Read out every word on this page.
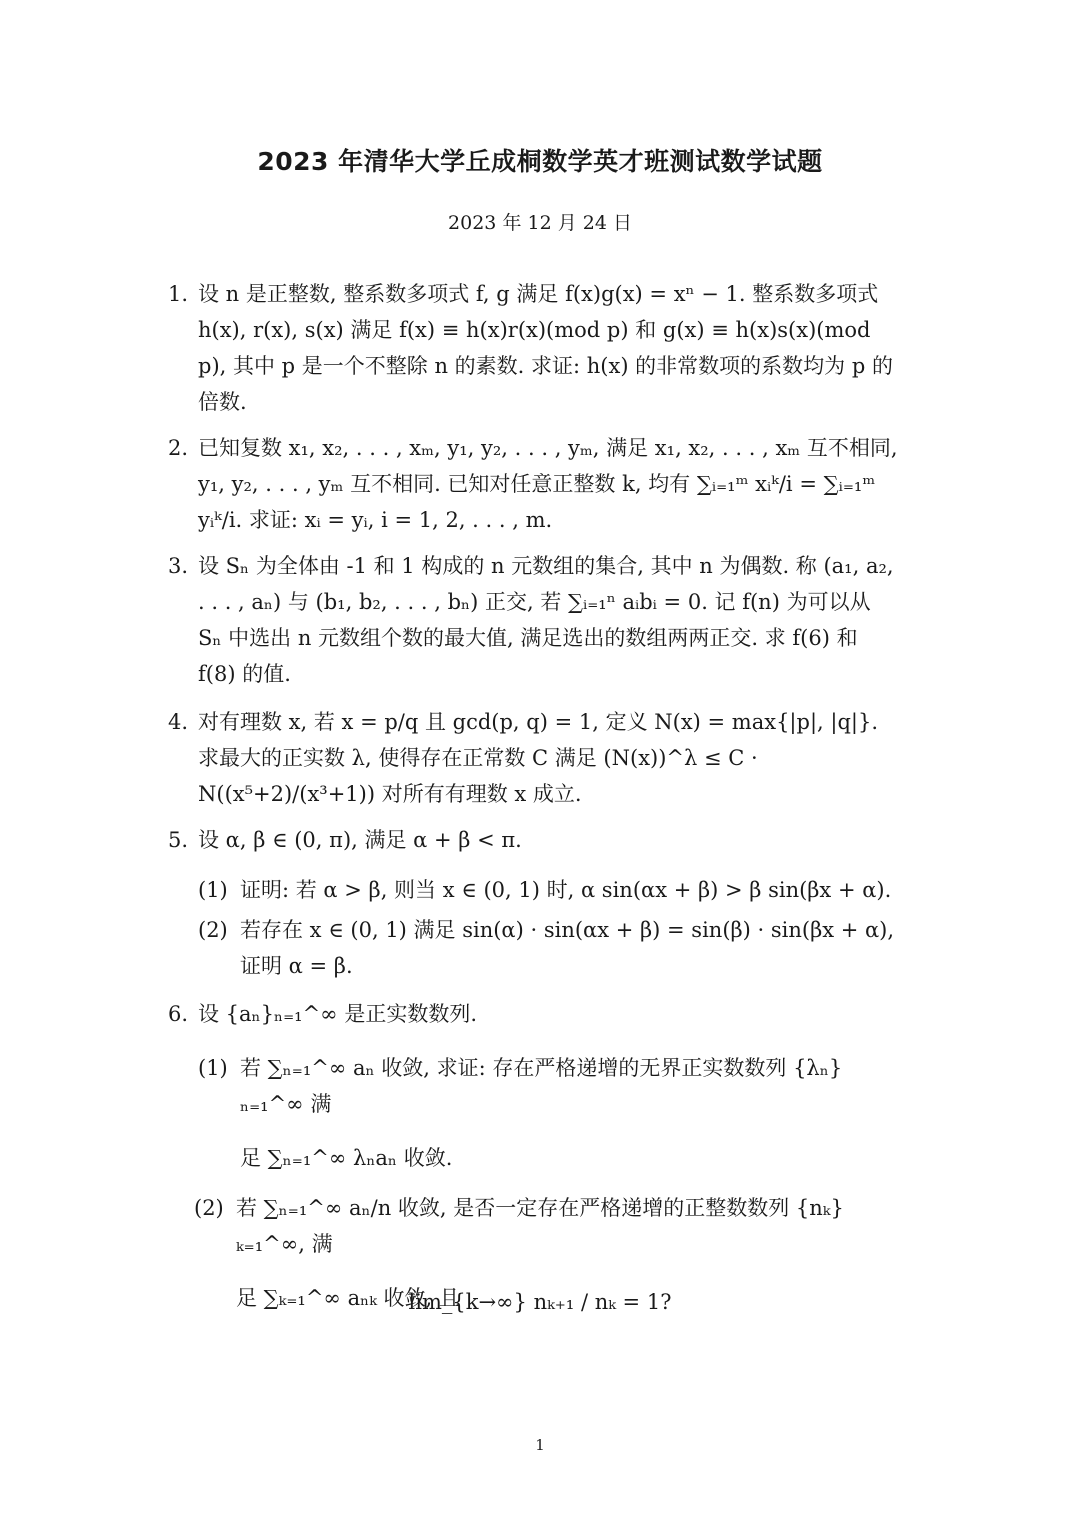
2023 年清华大学丘成桐数学英才班测试数学试题
2023 年 12 月 24 日
1. 设 n 是正整数, 整系数多项式 f, g 满足 f(x)g(x) = xⁿ − 1. 整系数多项式 h(x), r(x), s(x) 满足 f(x) ≡ h(x)r(x)(mod p) 和 g(x) ≡ h(x)s(x)(mod p), 其中 p 是一个不整除 n 的素数. 求证: h(x) 的非常数项的系数均为 p 的倍数.
2. 已知复数 x₁, x₂, . . . , xₘ, y₁, y₂, . . . , yₘ, 满足 x₁, x₂, . . . , xₘ 互不相同, y₁, y₂, . . . , yₘ 互不相同. 已知对任意正整数 k, 均有 ∑ᵢ₌₁ᵐ xᵢᵏ/i = ∑ᵢ₌₁ᵐ yᵢᵏ/i. 求证: xᵢ = yᵢ, i = 1, 2, . . . , m.
3. 设 Sₙ 为全体由 -1 和 1 构成的 n 元数组的集合, 其中 n 为偶数. 称 (a₁, a₂, . . . , aₙ) 与 (b₁, b₂, . . . , bₙ) 正交, 若 ∑ᵢ₌₁ⁿ aᵢbᵢ = 0. 记 f(n) 为可以从 Sₙ 中选出 n 元数组个数的最大值, 满足选出的数组两两正交. 求 f(6) 和 f(8) 的值.
4. 对有理数 x, 若 x = p/q 且 gcd(p, q) = 1, 定义 N(x) = max{|p|, |q|}. 求最大的正实数 λ, 使得存在正常数 C 满足 (N(x))^λ ≤ C · N((x⁵+2)/(x³+1)) 对所有有理数 x 成立.
5. 设 α, β ∈ (0, π), 满足 α + β < π.
(1) 证明: 若 α > β, 则当 x ∈ (0, 1) 时, α sin(αx + β) > β sin(βx + α).
(2) 若存在 x ∈ (0, 1) 满足 sin(α) · sin(αx + β) = sin(β) · sin(βx + α), 证明 α = β.
6. 设 {aₙ}ₙ₌₁^∞ 是正实数数列.
(1) 若 ∑ₙ₌₁^∞ aₙ 收敛, 求证: 存在严格递增的无界正实数数列 {λₙ}ₙ₌₁^∞ 满
足 ∑ₙ₌₁^∞ λₙaₙ 收敛.
(2) 若 ∑ₙ₌₁^∞ aₙ/n 收敛, 是否一定存在严格递增的正整数数列 {nₖ}ₖ₌₁^∞, 满
足 ∑ₖ₌₁^∞ aₙₖ 收敛, 且
lim_{k→∞} nₖ₊₁ / nₖ = 1?
1
